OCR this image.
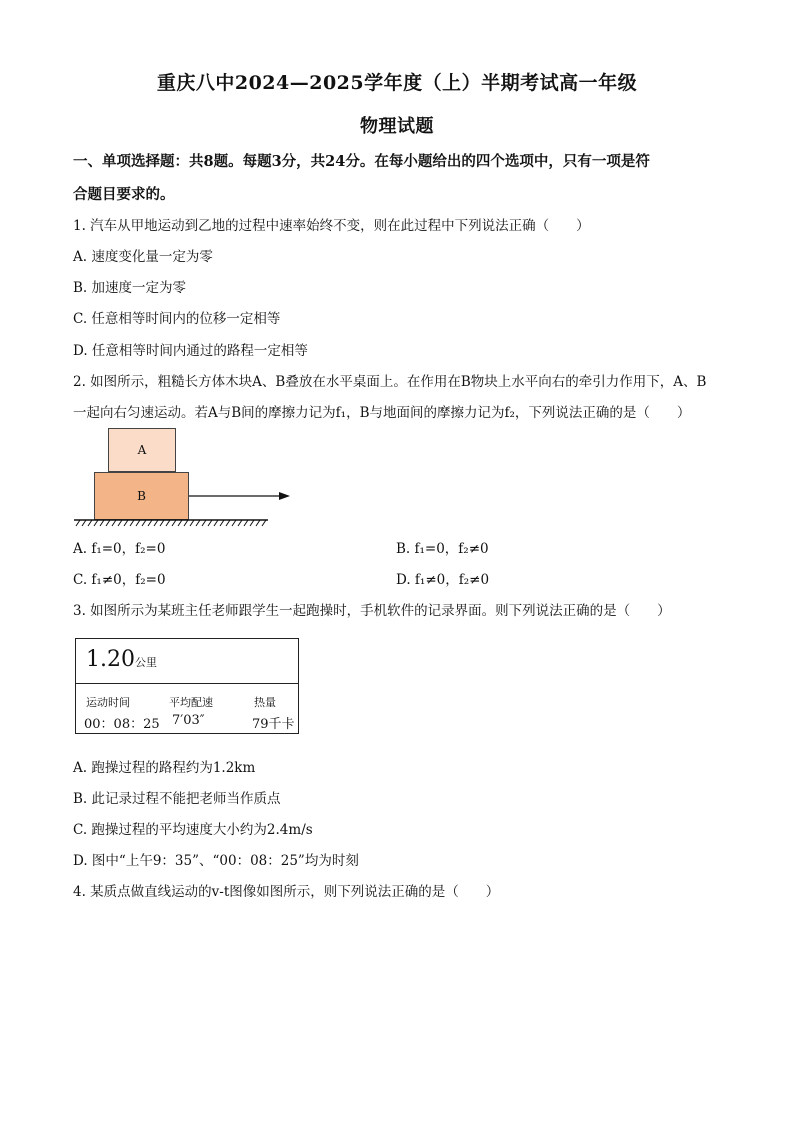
重庆八中2024—2025学年度（上）半期考试高一年级
物理试题
一、单项选择题：共8题。每题3分，共24分。在每小题给出的四个选项中，只有一项是符
合题目要求的。
1. 汽车从甲地运动到乙地的过程中速率始终不变，则在此过程中下列说法正确（　　）
A. 速度变化量一定为零
B. 加速度一定为零
C. 任意相等时间内的位移一定相等
D. 任意相等时间内通过的路程一定相等
2. 如图所示，粗糙长方体木块A、B叠放在水平桌面上。在作用在B物块上水平向右的牵引力作用下，A、B
一起向右匀速运动。若A与B间的摩擦力记为f₁，B与地面间的摩擦力记为f₂，下列说法正确的是（　　）
A
B
A. f₁=0，f₂=0	B. f₁=0，f₂≠0
C. f₁≠0，f₂=0	D. f₁≠0，f₂≠0
3. 如图所示为某班主任老师跟学生一起跑操时，手机软件的记录界面。则下列说法正确的是（　　）
1.20公里
运动时间	平均配速	热量
00：08：25 7′03″	79千卡
A. 跑操过程的路程约为1.2km
B. 此记录过程不能把老师当作质点
C. 跑操过程的平均速度大小约为2.4m/s
D. 图中“上午9：35”、“00：08：25”均为时刻
4. 某质点做直线运动的v-t图像如图所示，则下列说法正确的是（　　）
